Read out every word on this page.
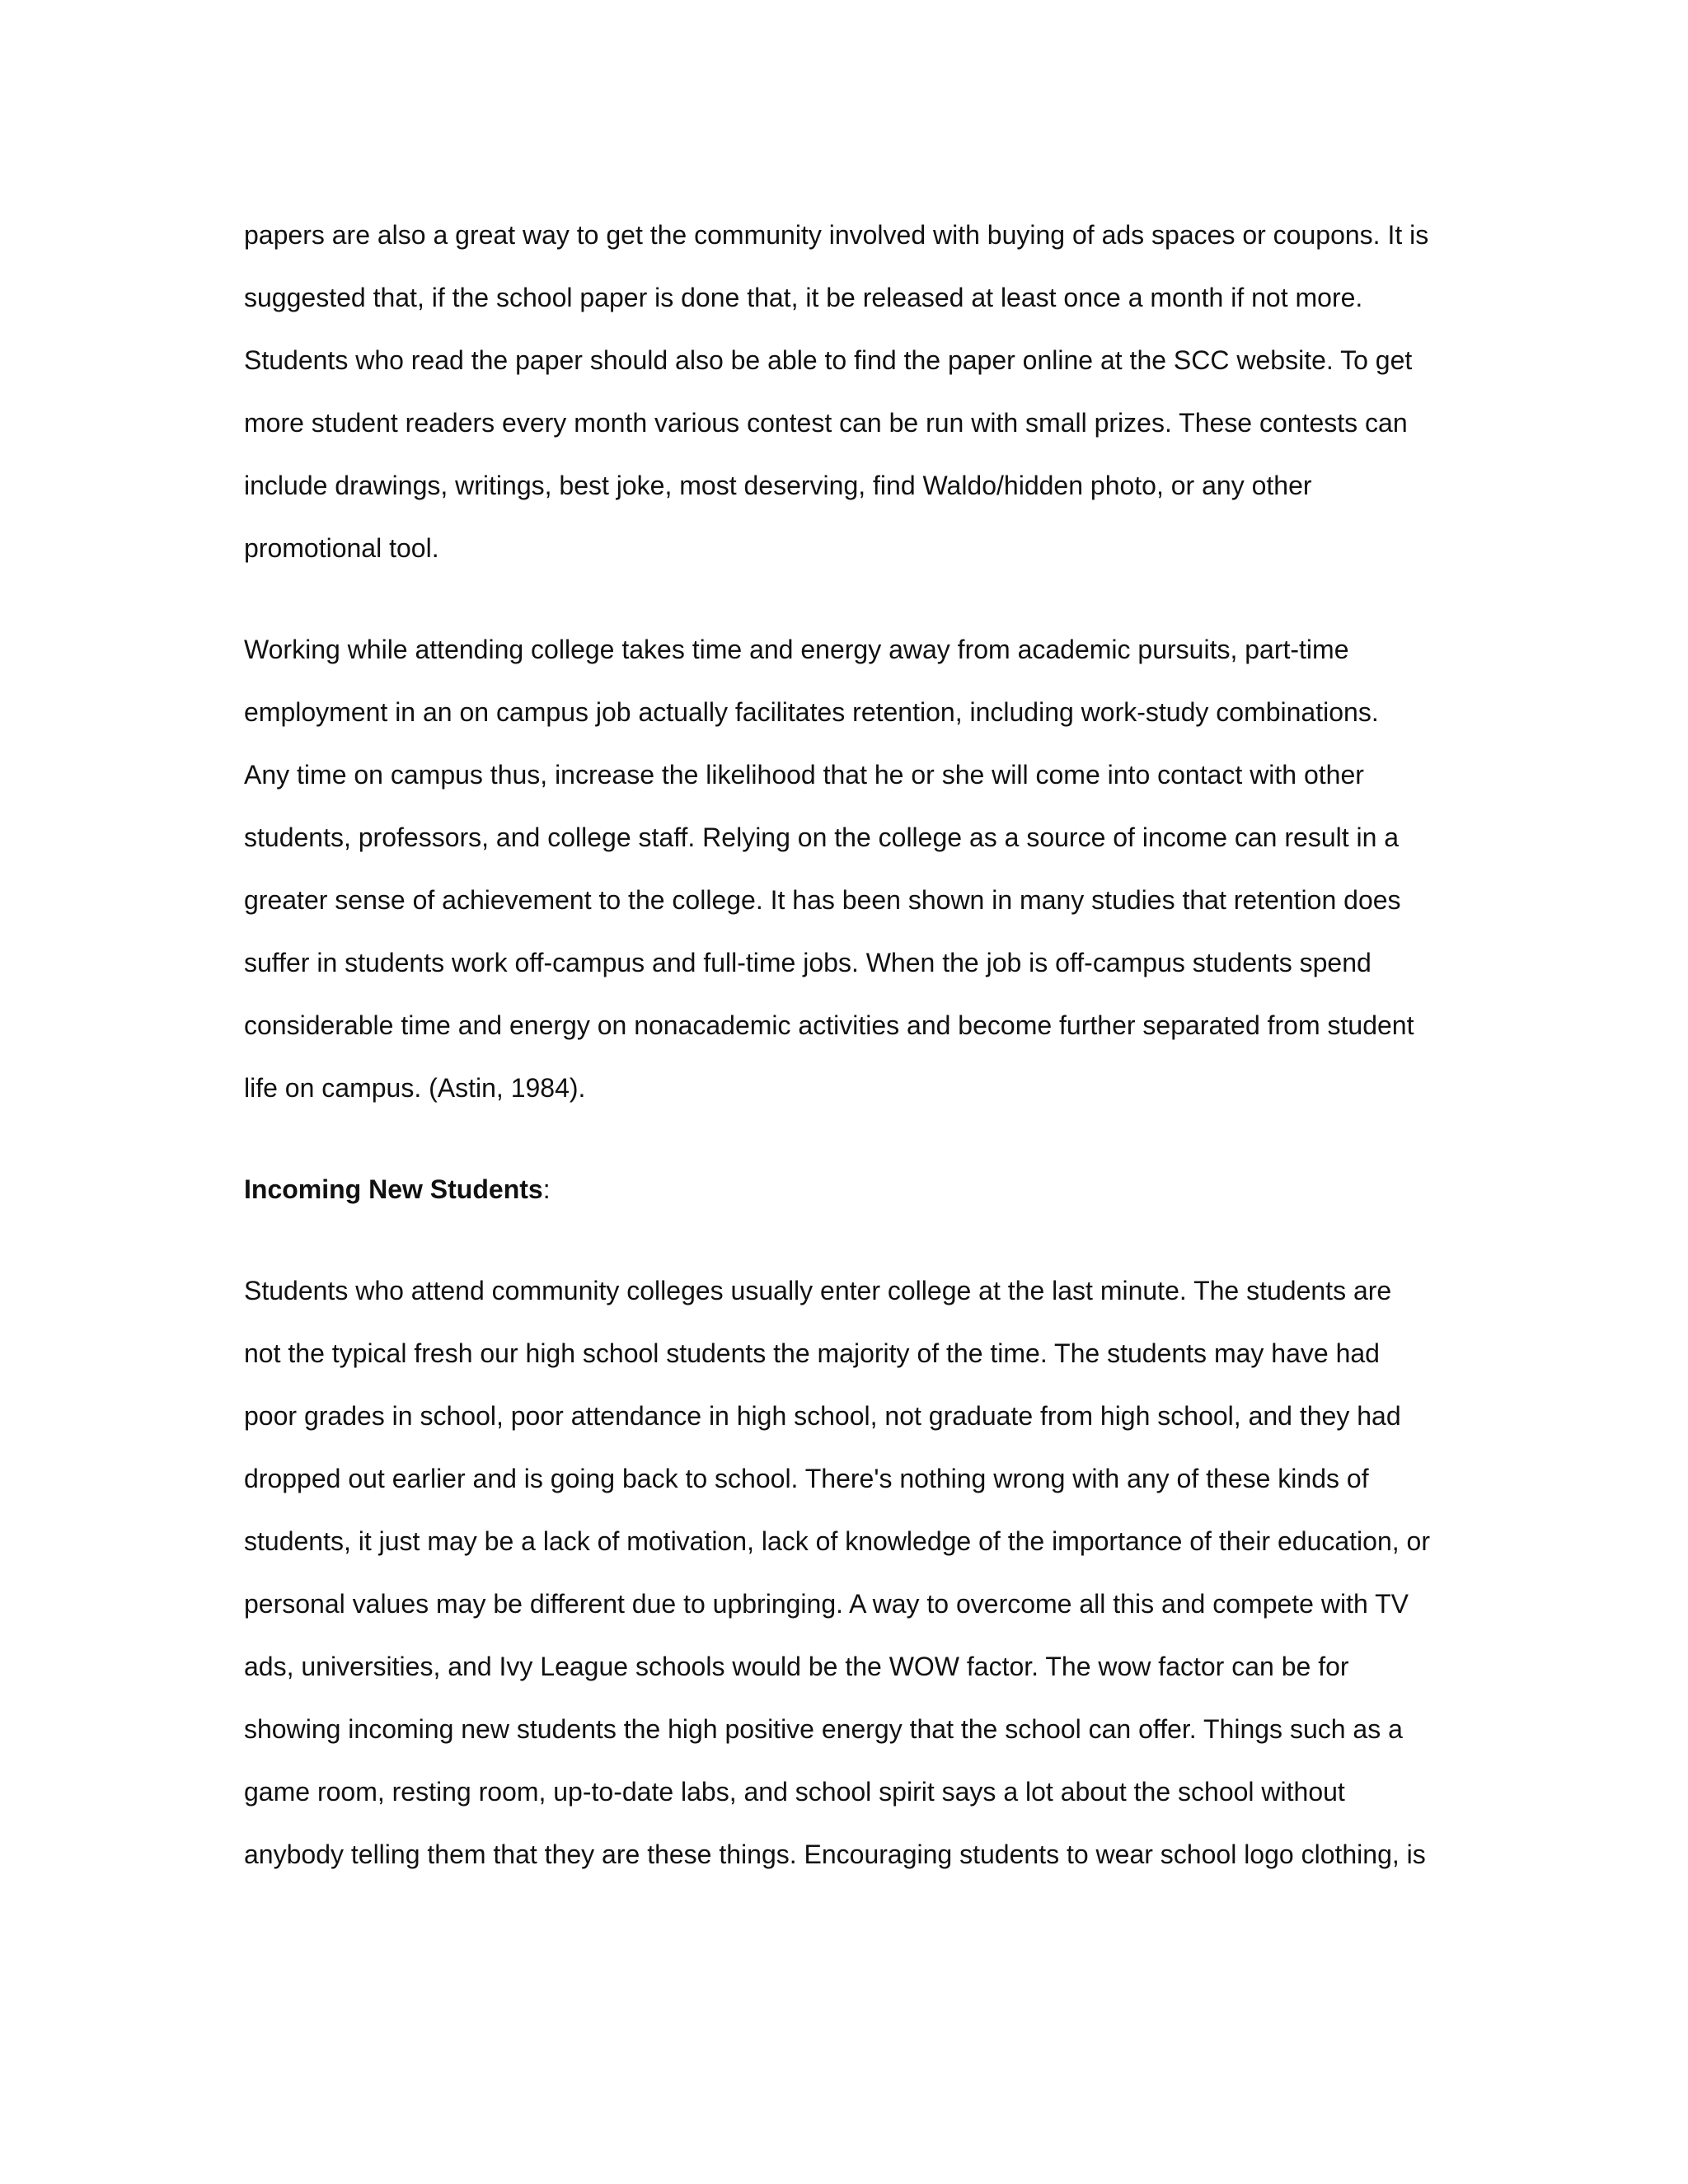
papers are also a great way to get the community involved with buying of ads spaces or coupons. It is

suggested that, if the school paper is done that, it be released at least once a month if not more.

Students who read the paper should also be able to find the paper online at the SCC website. To get

more student readers every month various contest can be run with small prizes. These contests can

include drawings, writings, best joke, most deserving, find Waldo/hidden photo, or any other

promotional tool.

Working while attending college takes time and energy away from academic pursuits, part-time

employment in an on campus job actually facilitates retention, including work-study combinations.

Any time on campus thus, increase the likelihood that he or she will come into contact with other

students, professors, and college staff. Relying on the college as a source of income can result in a

greater sense of achievement to the college. It has been shown in many studies that retention does

suffer in students work off-campus and full-time jobs. When the job is off-campus students spend

considerable time and energy on nonacademic activities and become further separated from student

life on campus. (Astin, 1984).

Incoming New Students:

Students who attend community colleges usually enter college at the last minute. The students are

not the typical fresh our high school students the majority of the time. The students may have had

poor grades in school, poor attendance in high school, not graduate from high school, and they had

dropped out earlier and is going back to school. There's nothing wrong with any of these kinds of

students, it just may be a lack of motivation, lack of knowledge of the importance of their education, or

personal values may be different due to upbringing. A way to overcome all this and compete with TV

ads, universities, and Ivy League schools would be the WOW factor. The wow factor can be for

showing incoming new students the high positive energy that the school can offer. Things such as a

game room, resting room, up-to-date labs, and school spirit says a lot about the school without

anybody telling them that they are these things. Encouraging students to wear school logo clothing, is
